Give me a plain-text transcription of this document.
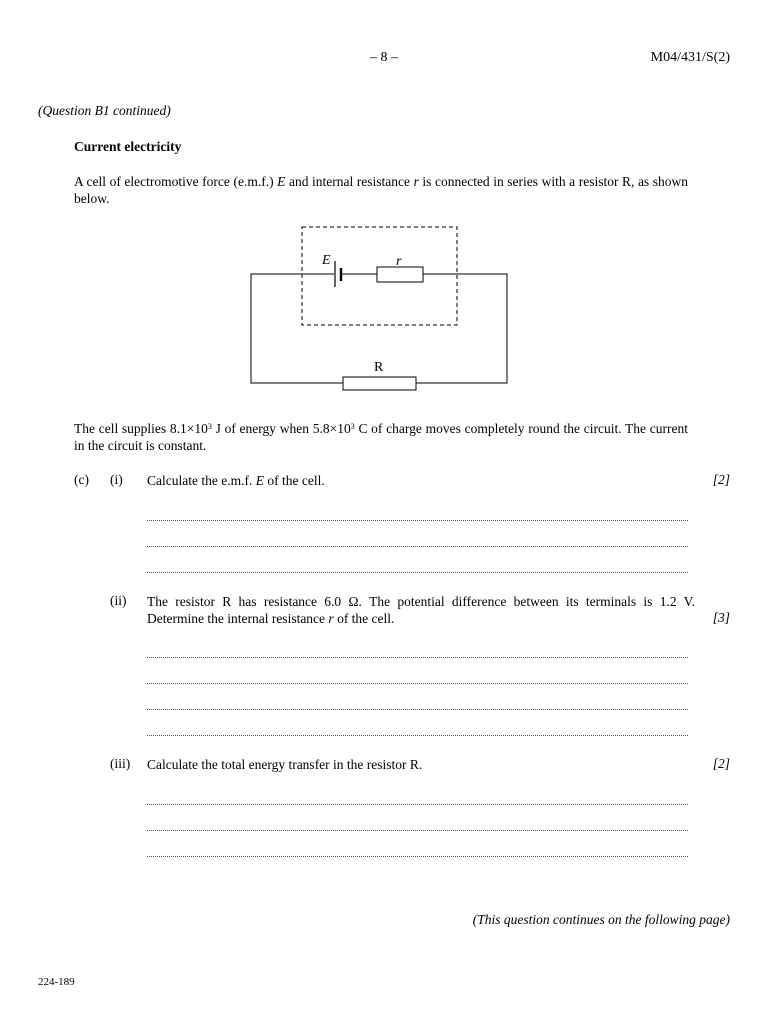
– 8 –	M04/431/S(2)
(Question B1 continued)
Current electricity
A cell of electromotive force (e.m.f.) E and internal resistance r is connected in series with a resistor R, as shown below.
E	r
R
The cell supplies $8.1\times 10^3$ J of energy when $5.8\times 10^3$ C of charge moves completely round the circuit. The current in the circuit is constant.
(c) (i) Calculate the e.m.f. E of the cell.	[2]
(ii) The resistor R has resistance 6.0 Ω. The potential difference between its terminals is 1.2 V. Determine the internal resistance r of the cell.	[3]
(iii) Calculate the total energy transfer in the resistor R.	[2]
(This question continues on the following page)
224-189
